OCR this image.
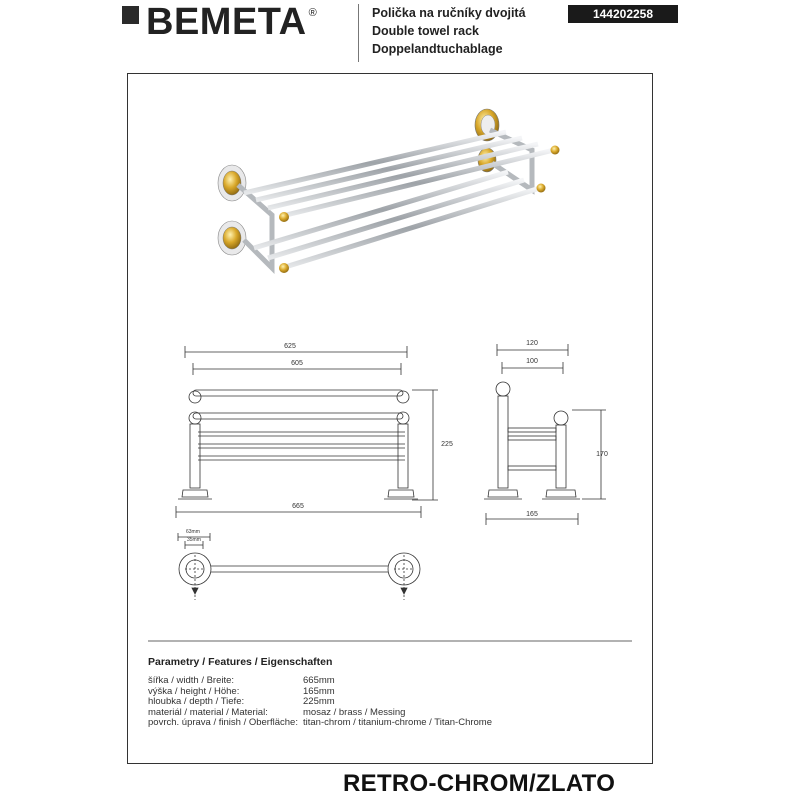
BEMETA ®	Polička na ručníky dvojitá
Double towel rack
Doppelandtuchablage
144202258
625
605
225
665
120
100
170
165
63mm
35mm
Parametry / Features / Eigenschaften
šířka / width / Breite:	665mm
výška / height / Höhe:	165mm
hloubka / depth / Tiefe:	225mm
materiál / material / Material:	mosaz / brass / Messing
povrch. úprava / finish / Oberfläche: titan-chrom / titanium-chrome / Titan-Chrome
RETRO-CHROM/ZLATO
